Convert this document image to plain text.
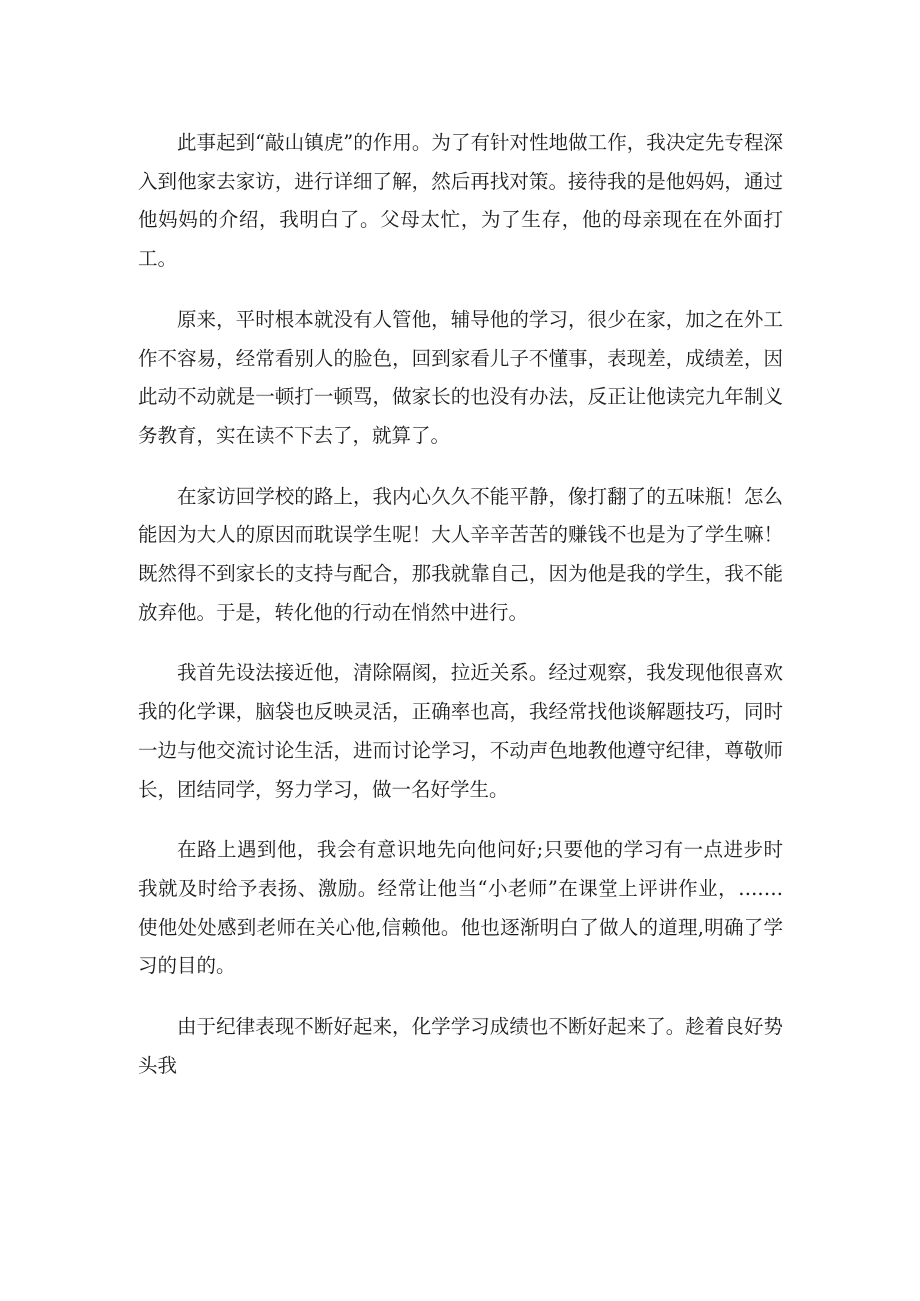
此事起到“敲山镇虎”的作用。为了有针对性地做工作，我决定先专程深入到他家去家访，进行详细了解，然后再找对策。接待我的是他妈妈，通过他妈妈的介绍，我明白了。父母太忙，为了生存，他的母亲现在在外面打工。

原来，平时根本就没有人管他，辅导他的学习，很少在家，加之在外工作不容易，经常看别人的脸色，回到家看儿子不懂事，表现差，成绩差，因此动不动就是一顿打一顿骂，做家长的也没有办法，反正让他读完九年制义务教育，实在读不下去了，就算了。

在家访回学校的路上，我内心久久不能平静，像打翻了的五味瓶！怎么能因为大人的原因而耽误学生呢！大人辛辛苦苦的赚钱不也是为了学生嘛！既然得不到家长的支持与配合，那我就靠自己，因为他是我的学生，我不能放弃他。于是，转化他的行动在悄然中进行。

我首先设法接近他，清除隔阂，拉近关系。经过观察，我发现他很喜欢我的化学课，脑袋也反映灵活，正确率也高，我经常找他谈解题技巧，同时一边与他交流讨论生活，进而讨论学习，不动声色地教他遵守纪律，尊敬师长，团结同学，努力学习，做一名好学生。

在路上遇到他，我会有意识地先向他问好;只要他的学习有一点进步时我就及时给予表扬、激励。经常让他当“小老师”在课堂上评讲作业，‥.….使他处处感到老师在关心他,信赖他。他也逐渐明白了做人的道理,明确了学习的目的。

由于纪律表现不断好起来，化学学习成绩也不断好起来了。趁着良好势头我
